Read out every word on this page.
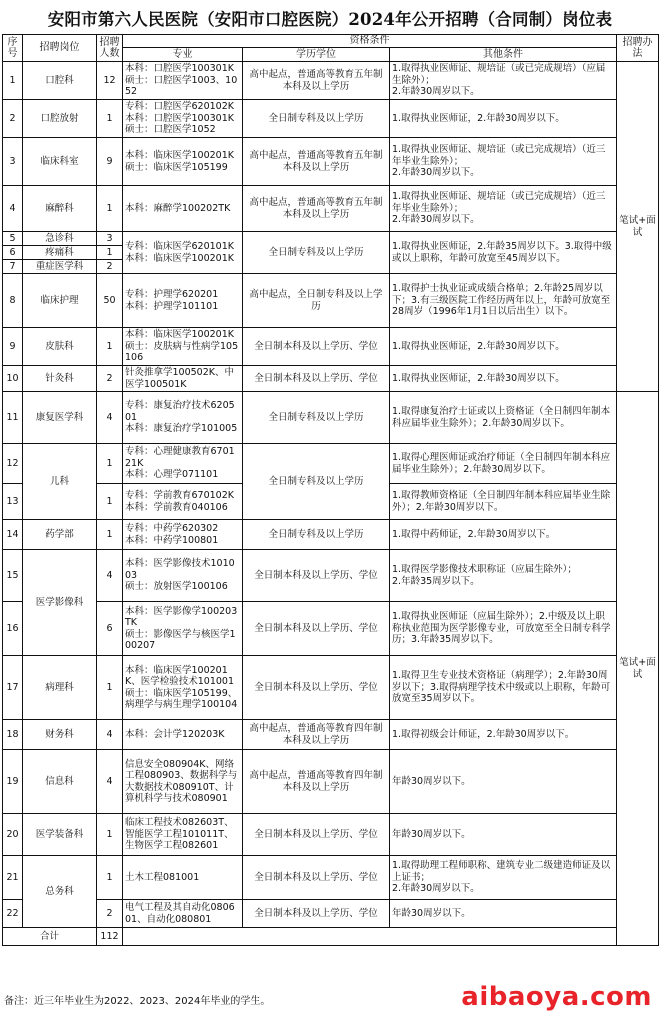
安阳市第六人民医院（安阳市口腔医院）2024年公开招聘（合同制）岗位表
序号	招聘岗位	招聘人数	资格条件			招聘办法
			专业	学历学位	其他条件	
1	口腔科	12	本科：口腔医学100301K
硕士：口腔医学1003、1052	高中起点，普通高等教育五年制本科及以上学历	1.取得执业医师证、规培证（或已完成规培）（应届生除外）；
2.年龄30周岁以下。	笔试+面试
2	口腔放射	1	专科：口腔医学620102K
本科：口腔医学100301K
硕士：口腔医学1052	全日制专科及以上学历	1.取得执业医师证，2.年龄30周岁以下。	
3	临床科室	9	本科：临床医学100201K
硕士：临床医学105199	高中起点，普通高等教育五年制本科及以上学历	1.取得执业医师证、规培证（或已完成规培）（近三年毕业生除外）；
2.年龄30周岁以下。	
4	麻醉科	1	本科：麻醉学100202TK	高中起点，普通高等教育五年制本科及以上学历	1.取得执业医师证、规培证（或已完成规培）（近三年毕业生除外）；
2.年龄30周岁以下。	
5	急诊科	3	专科：临床医学620101K
本科：临床医学100201K	全日制专科及以上学历	1.取得执业医师证，2.年龄35周岁以下。3.取得中级或以上职称，年龄可放宽至45周岁以下。	
6	疼痛科	1				
7	重症医学科	2				
8	临床护理	50	专科：护理学620201
本科：护理学101101	高中起点，全日制专科及以上学历	1.取得护士执业证或成绩合格单；2.年龄25周岁以下；3.有三级医院工作经历两年以上，年龄可放宽至28周岁（1996年1月1日以后出生）以下。	
9	皮肤科	1	本科：临床医学100201K
硕士：皮肤病与性病学105106	全日制本科及以上学历、学位	1.取得执业医师证，2.年龄30周岁以下。	
10	针灸科	2	针灸推拿学100502K、中医学100501K	全日制本科及以上学历、学位	1.取得执业医师证，2.年龄30周岁以下。	
11	康复医学科	4	专科：康复治疗技术620501
本科：康复治疗学101005	全日制专科及以上学历	1.取得康复治疗士证或以上资格证（全日制四年制本科应届毕业生除外）；2.年龄30周岁以下。	笔试+面试
12	儿科	1	专科：心理健康教育670121K
本科：心理学071101	全日制专科及以上学历	1.取得心理医师证或治疗师证（全日制四年制本科应届毕业生除外）；2.年龄30周岁以下。	
13		1	专科：学前教育670102K
本科：学前教育040106		1.取得教师资格证（全日制四年制本科应届毕业生除外）；2.年龄30周岁以下。	
14	药学部	1	专科：中药学620302
本科：中药学100801	全日制专科及以上学历	1.取得中药师证，2.年龄30周岁以下。	
15	医学影像科	4	本科：医学影像技术101003
硕士：放射医学100106	全日制本科及以上学历、学位	1.取得医学影像技术职称证（应届生除外）；
2.年龄35周岁以下。	
16		6	本科：医学影像学100203TK
硕士：影像医学与核医学100207	全日制本科及以上学历、学位	1.取得执业医师证（应届生除外）；2.中级及以上职称执业范围为医学影像专业，可放宽至全日制专科学历；3.年龄35周岁以下。	
17	病理科	1	本科：临床医学100201K、医学检验技术101001
硕士：临床医学105199、病理学与病生理学100104	全日制本科及以上学历、学位	1.取得卫生专业技术资格证（病理学）；2.年龄30周岁以下；3.取得病理学技术中级或以上职称，年龄可放宽至35周岁以下。	
18	财务科	4	本科：会计学120203K	高中起点，普通高等教育四年制本科及以上学历	1.取得初级会计师证，2.年龄30周岁以下。	
19	信息科	4	信息安全080904K、网络工程080903、数据科学与大数据技术080910T、计算机科学与技术080901	高中起点，普通高等教育四年制本科及以上学历	年龄30周岁以下。	
20	医学装备科	1	临床工程技术082603T、智能医学工程101011T、生物医学工程082601	全日制本科及以上学历、学位	年龄30周岁以下。	
21	总务科	1	土木工程081001	全日制本科及以上学历、学位	1.取得助理工程师职称、建筑专业二级建造师证及以上证书；
2.年龄30周岁以下。	
22		2	电气工程及其自动化080601、自动化080801	全日制本科及以上学历、学位	年龄30周岁以下。	
合计		112				
备注：近三年毕业生为2022、2023、2024年毕业的学生。	aibaoya.com
